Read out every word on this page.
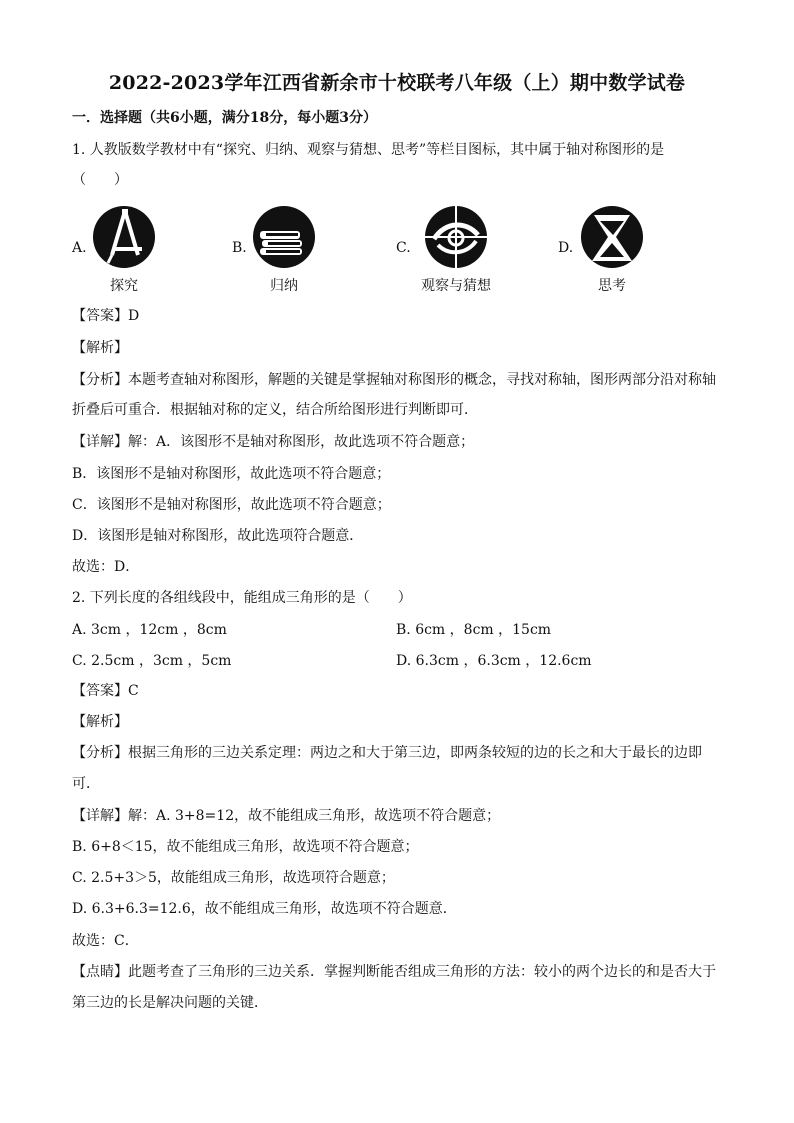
2022-2023学年江西省新余市十校联考八年级（上）期中数学试卷
一．选择题（共6小题，满分18分，每小题3分）
1. 人教版数学教材中有“探究、归纳、观察与猜想、思考”等栏目图标，其中属于轴对称图形的是
（　　）
A.
探究
B.
归纳
C.
观察与猜想
D.
思考
【答案】D
【解析】
【分析】本题考查轴对称图形，解题的关键是掌握轴对称图形的概念，寻找对称轴，图形两部分沿对称轴
折叠后可重合．根据轴对称的定义，结合所给图形进行判断即可．
【详解】解：A．该图形不是轴对称图形，故此选项不符合题意；
B．该图形不是轴对称图形，故此选项不符合题意；
C．该图形不是轴对称图形，故此选项不符合题意；
D．该图形是轴对称图形，故此选项符合题意．
故选：D．
2. 下列长度的各组线段中，能组成三角形的是（　　）
A. 3cm ，12cm ，8cm	B. 6cm ，8cm ，15cm
C. 2.5cm ，3cm ，5cm	D. 6.3cm ，6.3cm ，12.6cm
【答案】C
【解析】
【分析】根据三角形的三边关系定理：两边之和大于第三边，即两条较短的边的长之和大于最长的边即
可．
【详解】解：A. 3+8=12，故不能组成三角形，故选项不符合题意；
B. 6+8＜15，故不能组成三角形，故选项不符合题意；
C. 2.5+3＞5，故能组成三角形，故选项符合题意；
D. 6.3+6.3=12.6，故不能组成三角形，故选项不符合题意．
故选：C．
【点睛】此题考查了三角形的三边关系．掌握判断能否组成三角形的方法：较小的两个边长的和是否大于
第三边的长是解决问题的关键．
